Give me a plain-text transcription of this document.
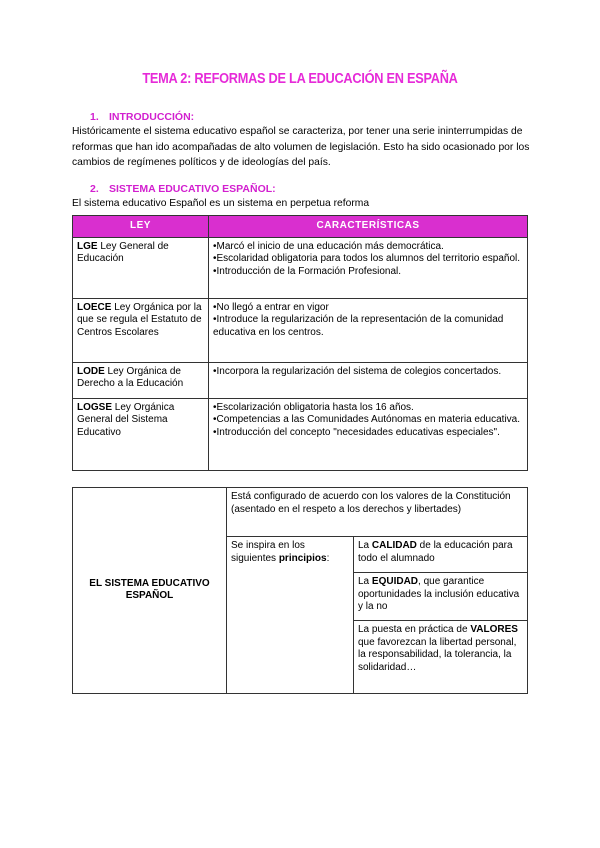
TEMA 2: REFORMAS DE LA EDUCACIÓN EN ESPAÑA
1. INTRODUCCIÓN:
Históricamente el sistema educativo español se caracteriza, por tener una serie ininterrumpidas de reformas que han ido acompañadas de alto volumen de legislación. Esto ha sido ocasionado por los cambios de regímenes políticos y de ideologías del país.
2. SISTEMA EDUCATIVO ESPAÑOL:
El sistema educativo Español es un sistema en perpetua reforma
LEY	CARACTERÍSTICAS
LGE Ley General de Educación	•Marcó el inicio de una educación más democrática.
•Escolaridad obligatoria para todos los alumnos del territorio español.
•Introducción de la Formación Profesional.

LOECE Ley Orgánica por la que se regula el Estatuto de Centros Escolares	•No llegó a entrar en vigor
•Introduce la regularización de la representación de la comunidad educativa en los centros.

LODE Ley Orgánica de Derecho a la Educación	•Incorpora la regularización del sistema de colegios concertados.

LOGSE Ley Orgánica General del Sistema Educativo	•Escolarización obligatoria hasta los 16 años.
•Competencias a las Comunidades Autónomas en materia educativa.
•Introducción del concepto "necesidades educativas especiales".
EL SISTEMA EDUCATIVO ESPAÑOL	Está configurado de acuerdo con los valores de la Constitución (asentado en el respeto a los derechos y libertades)	
	Se inspira en los siguientes principios:	La CALIDAD de la educación para todo el alumnado
		La EQUIDAD, que garantice oportunidades la inclusión educativa y la no
		La puesta en práctica de VALORES que favorezcan la libertad personal, la responsabilidad, la tolerancia, la solidaridad…
